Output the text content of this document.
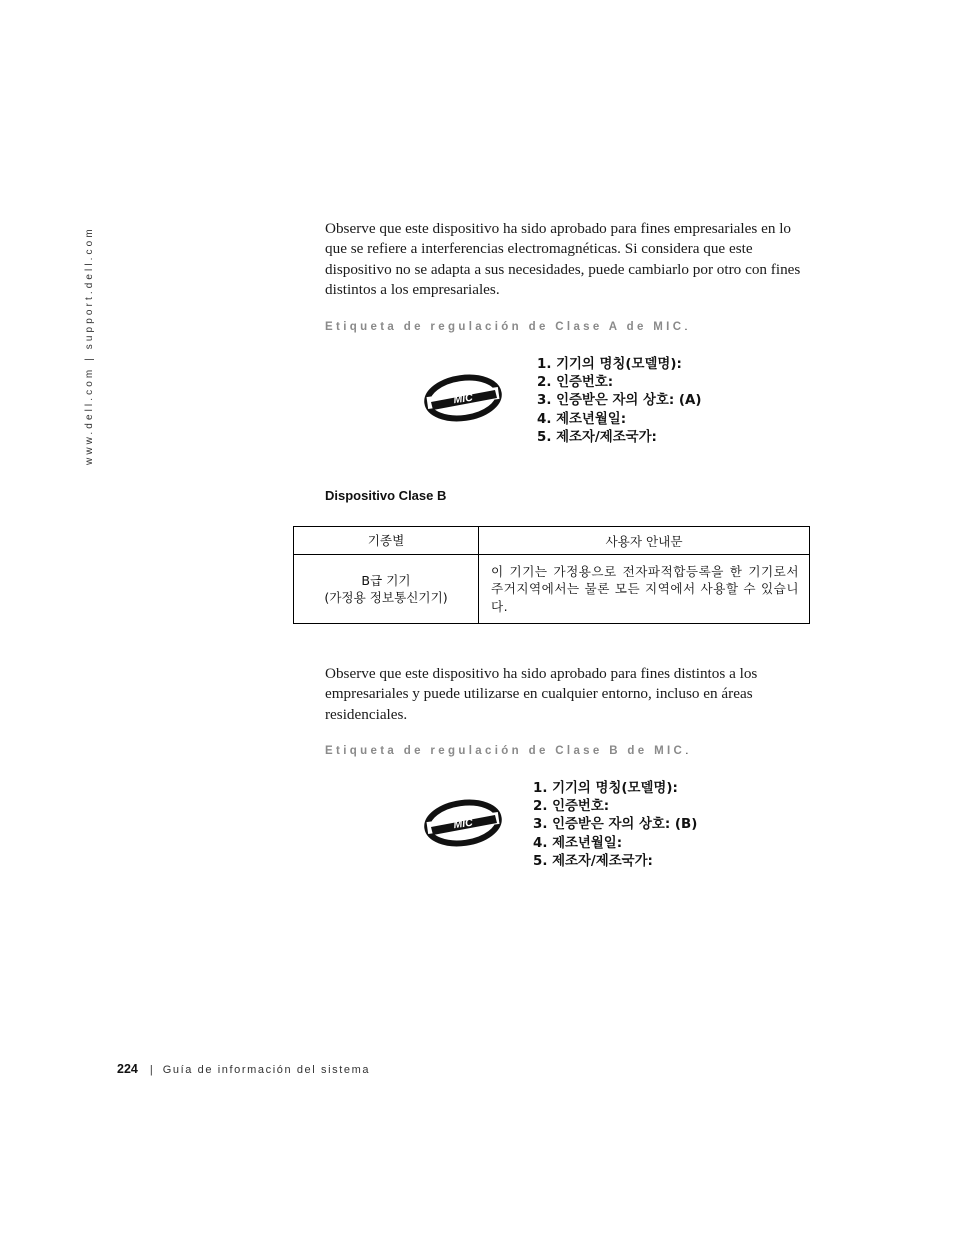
www.dell.com | support.dell.com	Observe que este dispositivo ha sido aprobado para fines empresariales en lo que se refiere a interferencias electromagnéticas. Si considera que este dispositivo no se adapta a sus necesidades, puede cambiarlo por otro con fines distintos a los empresariales.

Etiqueta de regulación de Clase A de MIC.
MIC
1. 기기의 명칭(모델명):
2. 인증번호:
3. 인증받은 자의 상호: (A)
4. 제조년월일:
5. 제조자/제조국가:
Dispositivo Clase B
기종별	사용자 안내문

B급 기기
(가정용 정보통신기기)	이 기기는 가정용으로 전자파적합등록을 한 기기로서 주거지역에서는 물론 모든 지역에서 사용할 수 있습니다.

Observe que este dispositivo ha sido aprobado para fines distintos a los empresariales y puede utilizarse en cualquier entorno, incluso en áreas residenciales.

Etiqueta de regulación de Clase B de MIC.
MIC
1. 기기의 명칭(모델명):
2. 인증번호:
3. 인증받은 자의 상호: (B)
4. 제조년월일:
5. 제조자/제조국가:
224 | Guía de información del sistema
